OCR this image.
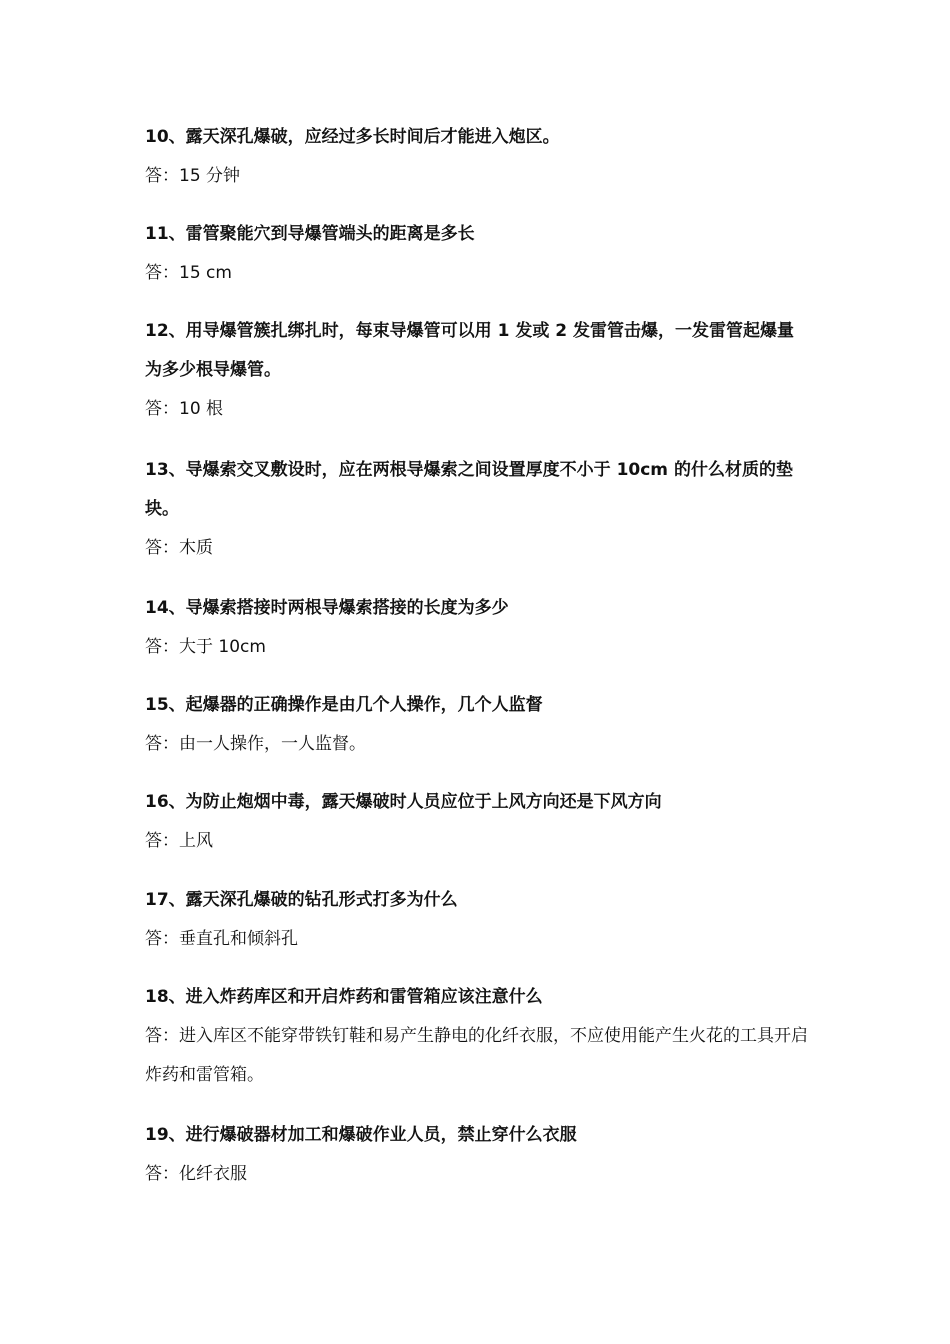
10、露天深孔爆破，应经过多长时间后才能进入炮区。

答：15 分钟

11、雷管聚能穴到导爆管端头的距离是多长

答：15 cm

12、用导爆管簇扎绑扎时，每束导爆管可以用 1 发或 2 发雷管击爆，一发雷管起爆量为多少根导爆管。

答：10 根

13、导爆索交叉敷设时，应在两根导爆索之间设置厚度不小于 10cm 的什么材质的垫块。

答：木质

14、导爆索搭接时两根导爆索搭接的长度为多少

答：大于 10cm

15、起爆器的正确操作是由几个人操作，几个人监督

答：由一人操作，一人监督。

16、为防止炮烟中毒，露天爆破时人员应位于上风方向还是下风方向

答：上风

17、露天深孔爆破的钻孔形式打多为什么

答：垂直孔和倾斜孔

18、进入炸药库区和开启炸药和雷管箱应该注意什么

答：进入库区不能穿带铁钉鞋和易产生静电的化纤衣服，不应使用能产生火花的工具开启炸药和雷管箱。

19、进行爆破器材加工和爆破作业人员，禁止穿什么衣服

答：化纤衣服
